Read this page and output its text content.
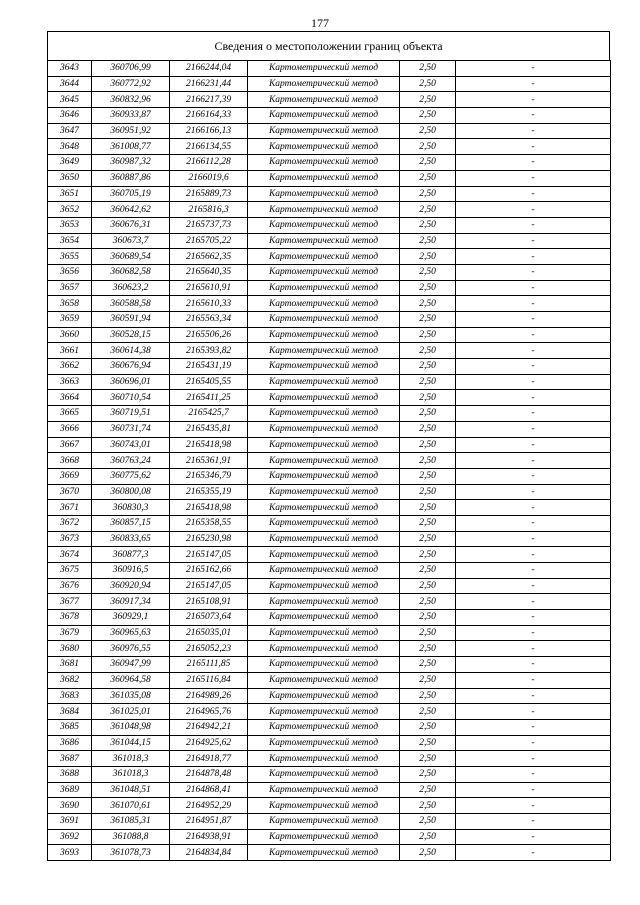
177
Сведения о местоположении границ объекта
3643	360706,99	2166244,04	Картометрический метод	2,50	-
3644	360772,92	2166231,44	Картометрический метод	2,50	-
3645	360832,96	2166217,39	Картометрический метод	2,50	-
3646	360933,87	2166164,33	Картометрический метод	2,50	-
3647	360951,92	2166166,13	Картометрический метод	2,50	-
3648	361008,77	2166134,55	Картометрический метод	2,50	-
3649	360987,32	2166112,28	Картометрический метод	2,50	-
3650	360887,86	2166019,6	Картометрический метод	2,50	-
3651	360705,19	2165889,73	Картометрический метод	2,50	-
3652	360642,62	2165816,3	Картометрический метод	2,50	-
3653	360676,31	2165737,73	Картометрический метод	2,50	-
3654	360673,7	2165705,22	Картометрический метод	2,50	-
3655	360689,54	2165662,35	Картометрический метод	2,50	-
3656	360682,58	2165640,35	Картометрический метод	2,50	-
3657	360623,2	2165610,91	Картометрический метод	2,50	-
3658	360588,58	2165610,33	Картометрический метод	2,50	-
3659	360591,94	2165563,34	Картометрический метод	2,50	-
3660	360528,15	2165506,26	Картометрический метод	2,50	-
3661	360614,38	2165393,82	Картометрический метод	2,50	-
3662	360676,94	2165431,19	Картометрический метод	2,50	-
3663	360696,01	2165405,55	Картометрический метод	2,50	-
3664	360710,54	2165411,25	Картометрический метод	2,50	-
3665	360719,51	2165425,7	Картометрический метод	2,50	-
3666	360731,74	2165435,81	Картометрический метод	2,50	-
3667	360743,01	2165418,98	Картометрический метод	2,50	-
3668	360763,24	2165361,91	Картометрический метод	2,50	-
3669	360775,62	2165346,79	Картометрический метод	2,50	-
3670	360800,08	2165355,19	Картометрический метод	2,50	-
3671	360830,3	2165418,98	Картометрический метод	2,50	-
3672	360857,15	2165358,55	Картометрический метод	2,50	-
3673	360833,65	2165230,98	Картометрический метод	2,50	-
3674	360877,3	2165147,05	Картометрический метод	2,50	-
3675	360916,5	2165162,66	Картометрический метод	2,50	-
3676	360920,94	2165147,05	Картометрический метод	2,50	-
3677	360917,34	2165108,91	Картометрический метод	2,50	-
3678	360929,1	2165073,64	Картометрический метод	2,50	-
3679	360965,63	2165035,01	Картометрический метод	2,50	-
3680	360976,55	2165052,23	Картометрический метод	2,50	-
3681	360947,99	2165111,85	Картометрический метод	2,50	-
3682	360964,58	2165116,84	Картометрический метод	2,50	-
3683	361035,08	2164989,26	Картометрический метод	2,50	-
3684	361025,01	2164965,76	Картометрический метод	2,50	-
3685	361048,98	2164942,21	Картометрический метод	2,50	-
3686	361044,15	2164925,62	Картометрический метод	2,50	-
3687	361018,3	2164918,77	Картометрический метод	2,50	-
3688	361018,3	2164878,48	Картометрический метод	2,50	-
3689	361048,51	2164868,41	Картометрический метод	2,50	-
3690	361070,61	2164952,29	Картометрический метод	2,50	-
3691	361085,31	2164951,87	Картометрический метод	2,50	-
3692	361088,8	2164938,91	Картометрический метод	2,50	-
3693	361078,73	2164834,84	Картометрический метод	2,50	-
